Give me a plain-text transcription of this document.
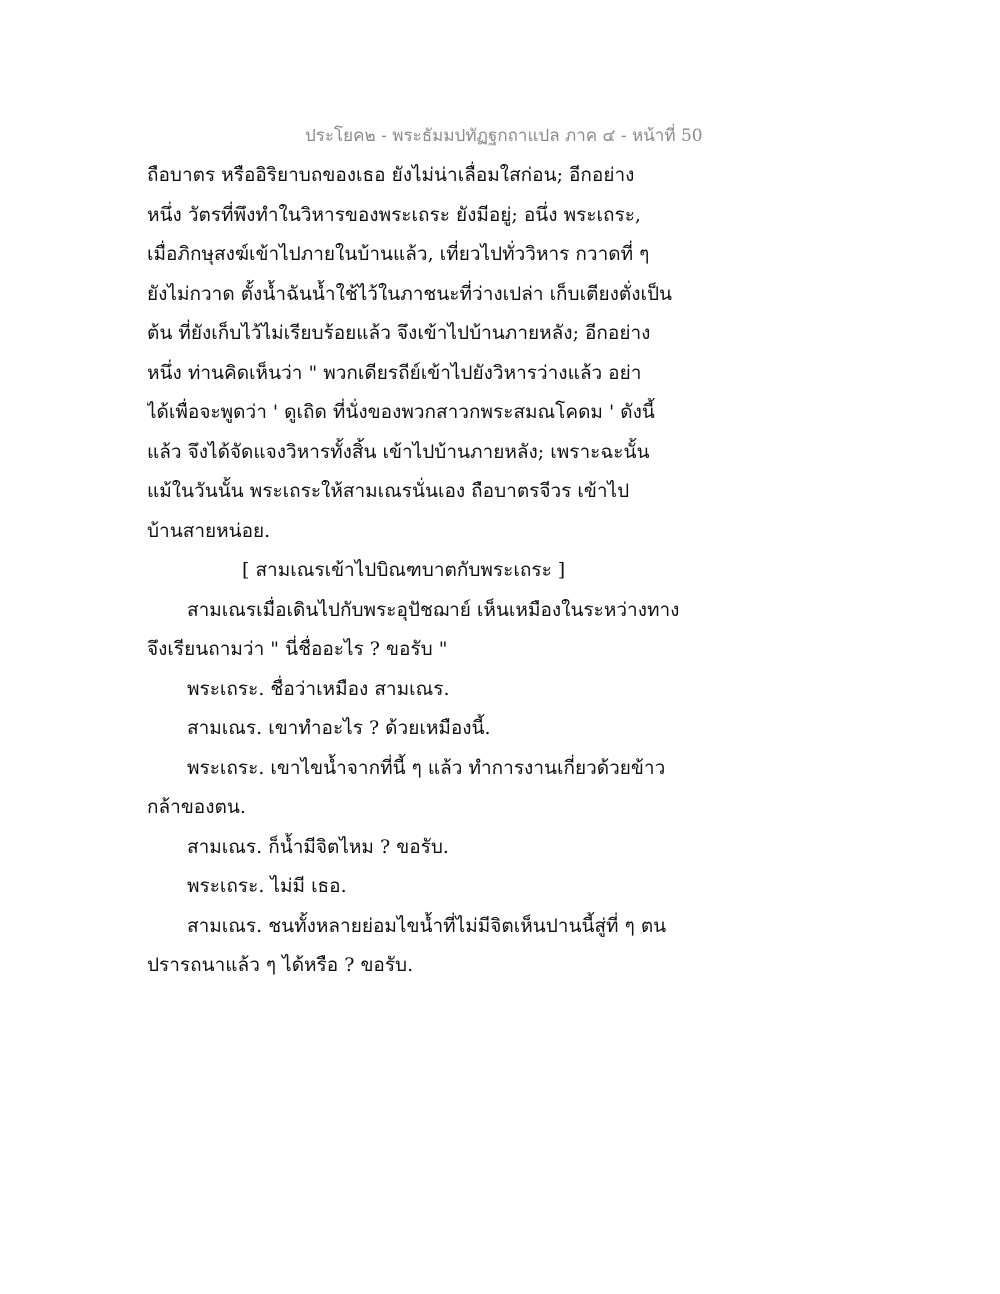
ประโยค๒ - พระธัมมปทัฏฐกถาแปล ภาค ๔ - หน้าที่ 50
ถือบาตร หรืออิริยาบถของเธอ ยังไม่น่าเลื่อมใสก่อน; อีกอย่าง
หนึ่ง วัตรที่พึงทำในวิหารของพระเถระ ยังมีอยู่; อนึ่ง พระเถระ,
เมื่อภิกษุสงฆ์เข้าไปภายในบ้านแล้ว, เที่ยวไปทั่ววิหาร กวาดที่ ๆ
ยังไม่กวาด ตั้งน้ำฉันน้ำใช้ไว้ในภาชนะที่ว่างเปล่า เก็บเตียงตั่งเป็น
ต้น ที่ยังเก็บไว้ไม่เรียบร้อยแล้ว จึงเข้าไปบ้านภายหลัง; อีกอย่าง
หนึ่ง ท่านคิดเห็นว่า " พวกเดียรถีย์เข้าไปยังวิหารว่างแล้ว อย่า
ได้เพื่อจะพูดว่า ' ดูเถิด ที่นั่งของพวกสาวกพระสมณโคดม ' ดังนี้
แล้ว จึงได้จัดแจงวิหารทั้งสิ้น เข้าไปบ้านภายหลัง; เพราะฉะนั้น
แม้ในวันนั้น พระเถระให้สามเณรนั่นเอง ถือบาตรจีวร เข้าไป
บ้านสายหน่อย.
[ สามเณรเข้าไปบิณฑบาตกับพระเถระ ]
สามเณรเมื่อเดินไปกับพระอุปัชฌาย์ เห็นเหมืองในระหว่างทาง
จึงเรียนถามว่า " นี่ชื่ออะไร ? ขอรับ "
พระเถระ. ชื่อว่าเหมือง สามเณร.
สามเณร. เขาทำอะไร ? ด้วยเหมืองนี้.
พระเถระ. เขาไขน้ำจากที่นี้ ๆ แล้ว ทำการงานเกี่ยวด้วยข้าว
กล้าของตน.
สามเณร. ก็น้ำมีจิตไหม ? ขอรับ.
พระเถระ. ไม่มี เธอ.
สามเณร. ชนทั้งหลายย่อมไขน้ำที่ไม่มีจิตเห็นปานนี้สู่ที่ ๆ ตน
ปรารถนาแล้ว ๆ ได้หรือ ? ขอรับ.
